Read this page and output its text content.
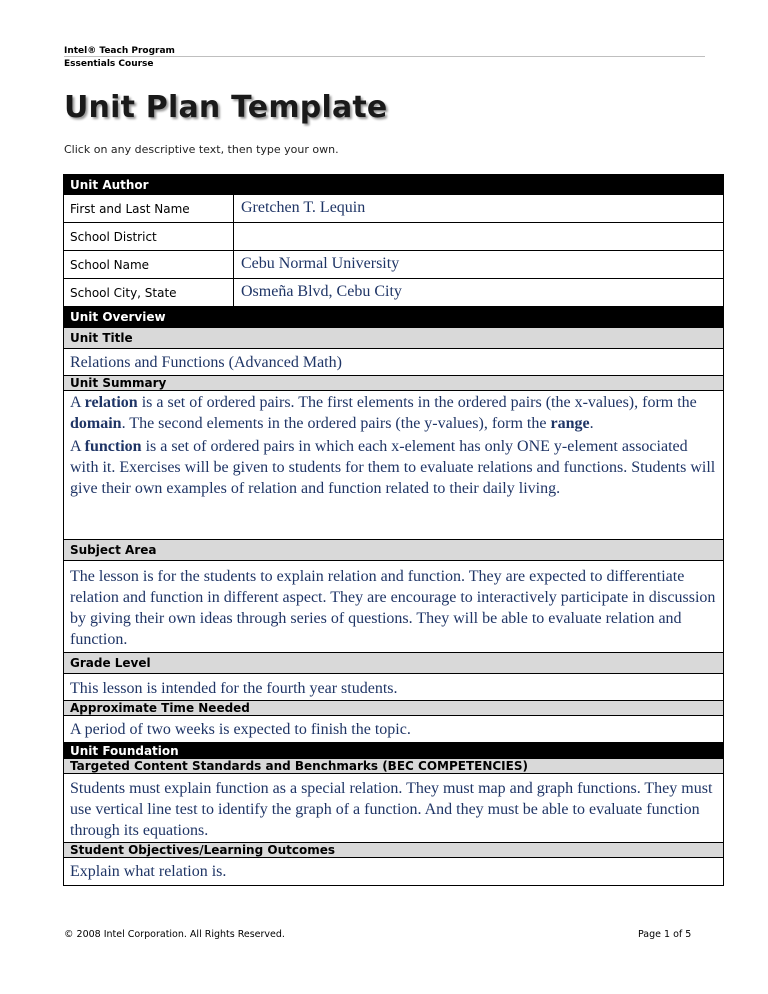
Intel® Teach Program
Essentials Course
Unit Plan Template
Click on any descriptive text, then type your own.
Unit Author
First and Last Name	Gretchen T. Lequin
School District
School Name	Cebu Normal University
School City, State	Osmeña Blvd, Cebu City
Unit Overview
Unit Title
Relations and Functions (Advanced Math)
Unit Summary

A relation is a set of ordered pairs. The first elements in the ordered pairs (the x-values), form the domain. The second elements in the ordered pairs (the y-values), form the range.

A function is a set of ordered pairs in which each x-element has only ONE y-element associated with it. Exercises will be given to students for them to evaluate relations and functions. Students will give their own examples of relation and function related to their daily living.

Subject Area
The lesson is for the students to explain relation and function. They are expected to differentiate relation and function in different aspect. They are encourage to interactively participate in discussion by giving their own ideas through series of questions. They will be able to evaluate relation and function.
Grade Level
This lesson is intended for the fourth year students.
Approximate Time Needed
A period of two weeks is expected to finish the topic.
Unit Foundation
Targeted Content Standards and Benchmarks (BEC COMPETENCIES)
Students must explain function as a special relation. They must map and graph functions. They must use vertical line test to identify the graph of a function. And they must be able to evaluate function through its equations.
Student Objectives/Learning Outcomes
Explain what relation is.
© 2008 Intel Corporation. All Rights Reserved.	Page 1 of 5
